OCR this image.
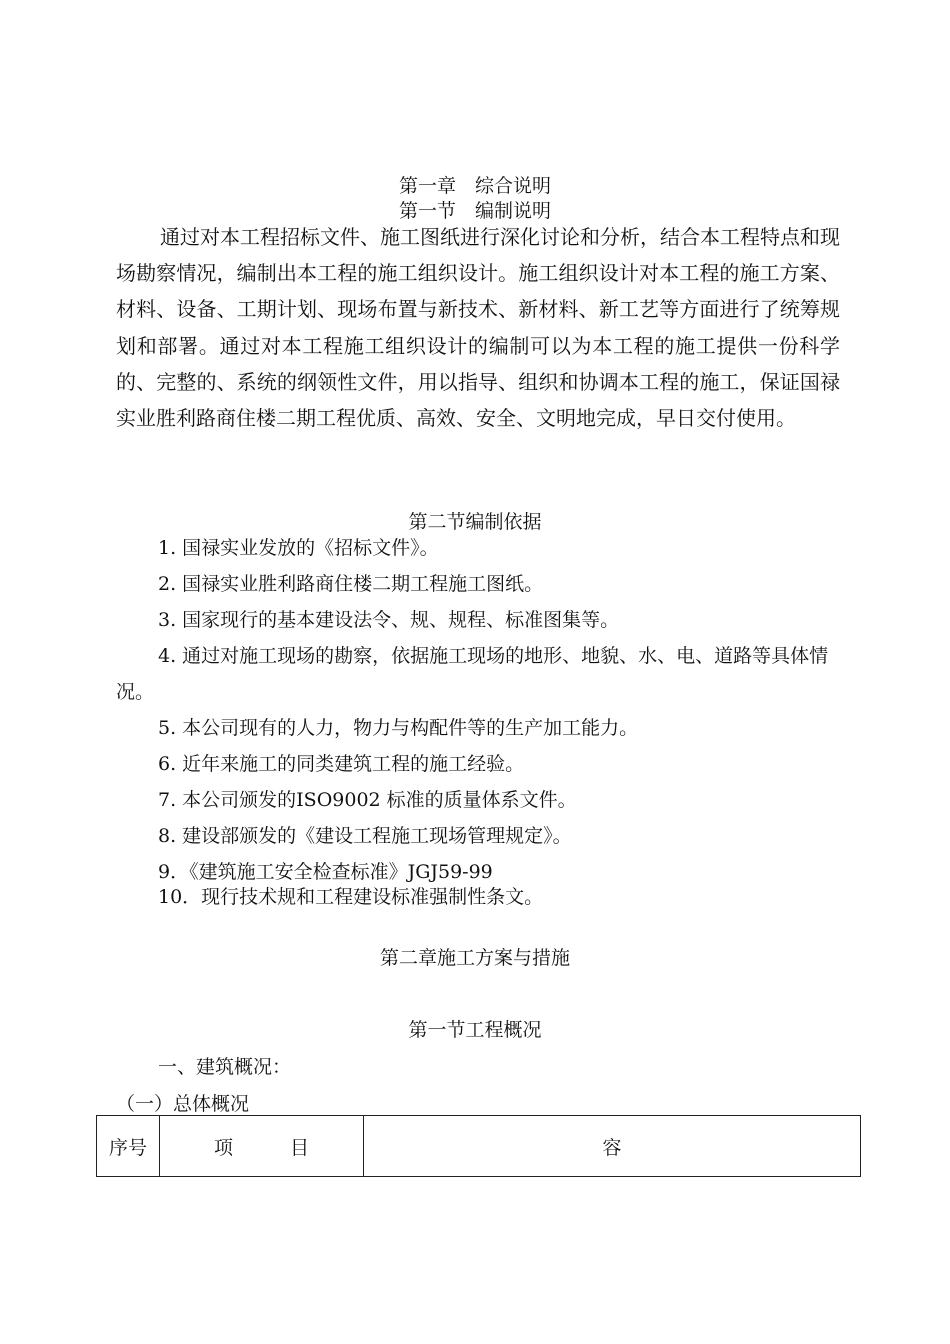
第一章　综合说明
第一节　编制说明

通过对本工程招标文件、施工图纸进行深化讨论和分析，结合本工程特点和现场勘察情况，编制出本工程的施工组织设计。施工组织设计对本工程的施工方案、材料、设备、工期计划、现场布置与新技术、新材料、新工艺等方面进行了统筹规划和部署。通过对本工程施工组织设计的编制可以为本工程的施工提供一份科学的、完整的、系统的纲领性文件，用以指导、组织和协调本工程的施工，保证国禄实业胜利路商住楼二期工程优质、高效、安全、文明地完成，早日交付使用。

第二节编制依据
1. 国禄实业发放的《招标文件》。
2. 国禄实业胜利路商住楼二期工程施工图纸。
3. 国家现行的基本建设法令、规、规程、标准图集等。

4. 通过对施工现场的勘察，依据施工现场的地形、地貌、水、电、道路等具体情况。

5. 本公司现有的人力，物力与构配件等的生产加工能力。
6. 近年来施工的同类建筑工程的施工经验。
7. 本公司颁发的ISO9002 标准的质量体系文件。
8. 建设部颁发的《建设工程施工现场管理规定》。
9．《建筑施工安全检查标准》JGJ59-99
10．现行技术规和工程建设标准强制性条文。
第二章施工方案与措施
第一节工程概况
一、建筑概况：
（一）总体概况
序号	项　　　目	容
